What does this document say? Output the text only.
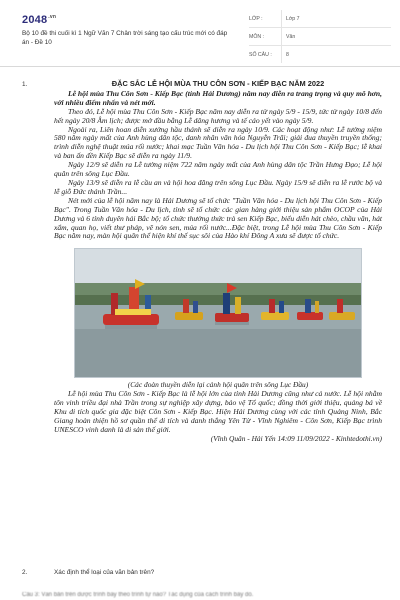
$2048^{.vn}$
Bộ 10 đề thi cuối kì 1 Ngữ Văn 7 Chân trời sáng tạo cấu trúc mới có đáp án - Đề 10
LỚP :	Lớp 7
MÔN :	Văn
SỐ CÂU :	8
1.	ĐẶC SẮC LỄ HỘI MÙA THU CÔN SƠN - KIẾP BẠC NĂM 2022

Lễ hội mùa Thu Côn Sơn - Kiếp Bạc (tỉnh Hải Dương) năm nay diễn ra trang trọng và quy mô hơn, với nhiều điểm nhấn và nét mới.

Theo đó, Lễ hội mùa Thu Côn Sơn - Kiếp Bạc năm nay diễn ra từ ngày 5/9 - 15/9, tức từ ngày 10/8 đến hết ngày 20/8 Âm lịch; được mở đầu bằng Lễ dâng hương và tế cáo yết vào ngày 5/9.

Ngoài ra, Liên hoan diễn xướng hầu thánh sẽ diễn ra ngày 10/9. Các hoạt động như: Lễ tưởng niệm 580 năm ngày mất của Anh hùng dân tộc, danh nhân văn hóa Nguyễn Trãi; giải đua thuyền truyền thống; trình diễn nghệ thuật múa rối nước; khai mạc Tuần Văn hóa - Du lịch hội Thu Côn Sơn - Kiếp Bạc; lễ khai và ban ấn đền Kiếp Bạc sẽ diễn ra ngày 11/9.

Ngày 12/9 sẽ diễn ra Lễ tưởng niệm 722 năm ngày mất của Anh hùng dân tộc Trần Hưng Đạo; Lễ hội quân trên sông Lục Đầu.

Ngày 13/9 sẽ diễn ra lễ cầu an và hội hoa đăng trên sông Lục Đầu. Ngày 15/9 sẽ diễn ra lễ rước bộ và lễ giỗ Đức thánh Trần...

Nét mới của lễ hội năm nay là Hải Dương sẽ tổ chức "Tuần Văn hóa - Du lịch hội Thu Côn Sơn - Kiếp Bạc". Trong Tuần Văn hóa - Du lịch, tỉnh sẽ tổ chức các gian hàng giới thiệu sản phẩm OCOP của Hải Dương và 6 tỉnh duyên hải Bắc bộ; tổ chức thưởng thức trà sen Kiếp Bạc, biểu diễn hát chèo, chầu văn, hát xẩm, quan họ, viết thư pháp, vẽ nón sen, múa rối nước...Đặc biệt, trong Lễ hội mùa Thu Côn Sơn - Kiếp Bạc năm nay, màn hội quân thể hiện khí thế sục sôi của Hào khí Đông A xưa sẽ được tổ chức.

(Các đoàn thuyền diễn lại cảnh hội quân trên sông Lục Đầu)

Lễ hội mùa Thu Côn Sơn - Kiếp Bạc là lễ hội lớn của tỉnh Hải Dương cũng như cả nước. Lễ hội nhằm tôn vinh triều đại nhà Trần trong sự nghiệp xây dựng, bảo vệ Tổ quốc; đồng thời giới thiệu, quảng bá về Khu di tích quốc gia đặc biệt Côn Sơn - Kiếp Bạc. Hiện Hải Dương cùng với các tỉnh Quảng Ninh, Bắc Giang hoàn thiện hồ sơ quần thể di tích và danh thắng Yên Tử - Vĩnh Nghiêm - Côn Sơn, Kiếp Bạc trình UNESCO vinh danh là di sản thế giới.

(Vĩnh Quân - Hải Yến 14:09 11/09/2022 - Kinhtedothi.vn)
2.	Xác định thể loại của văn bản trên?
Câu 3: Văn bản trên được trình bày theo trình tự nào? Tác dụng của cách trình bày đó.
